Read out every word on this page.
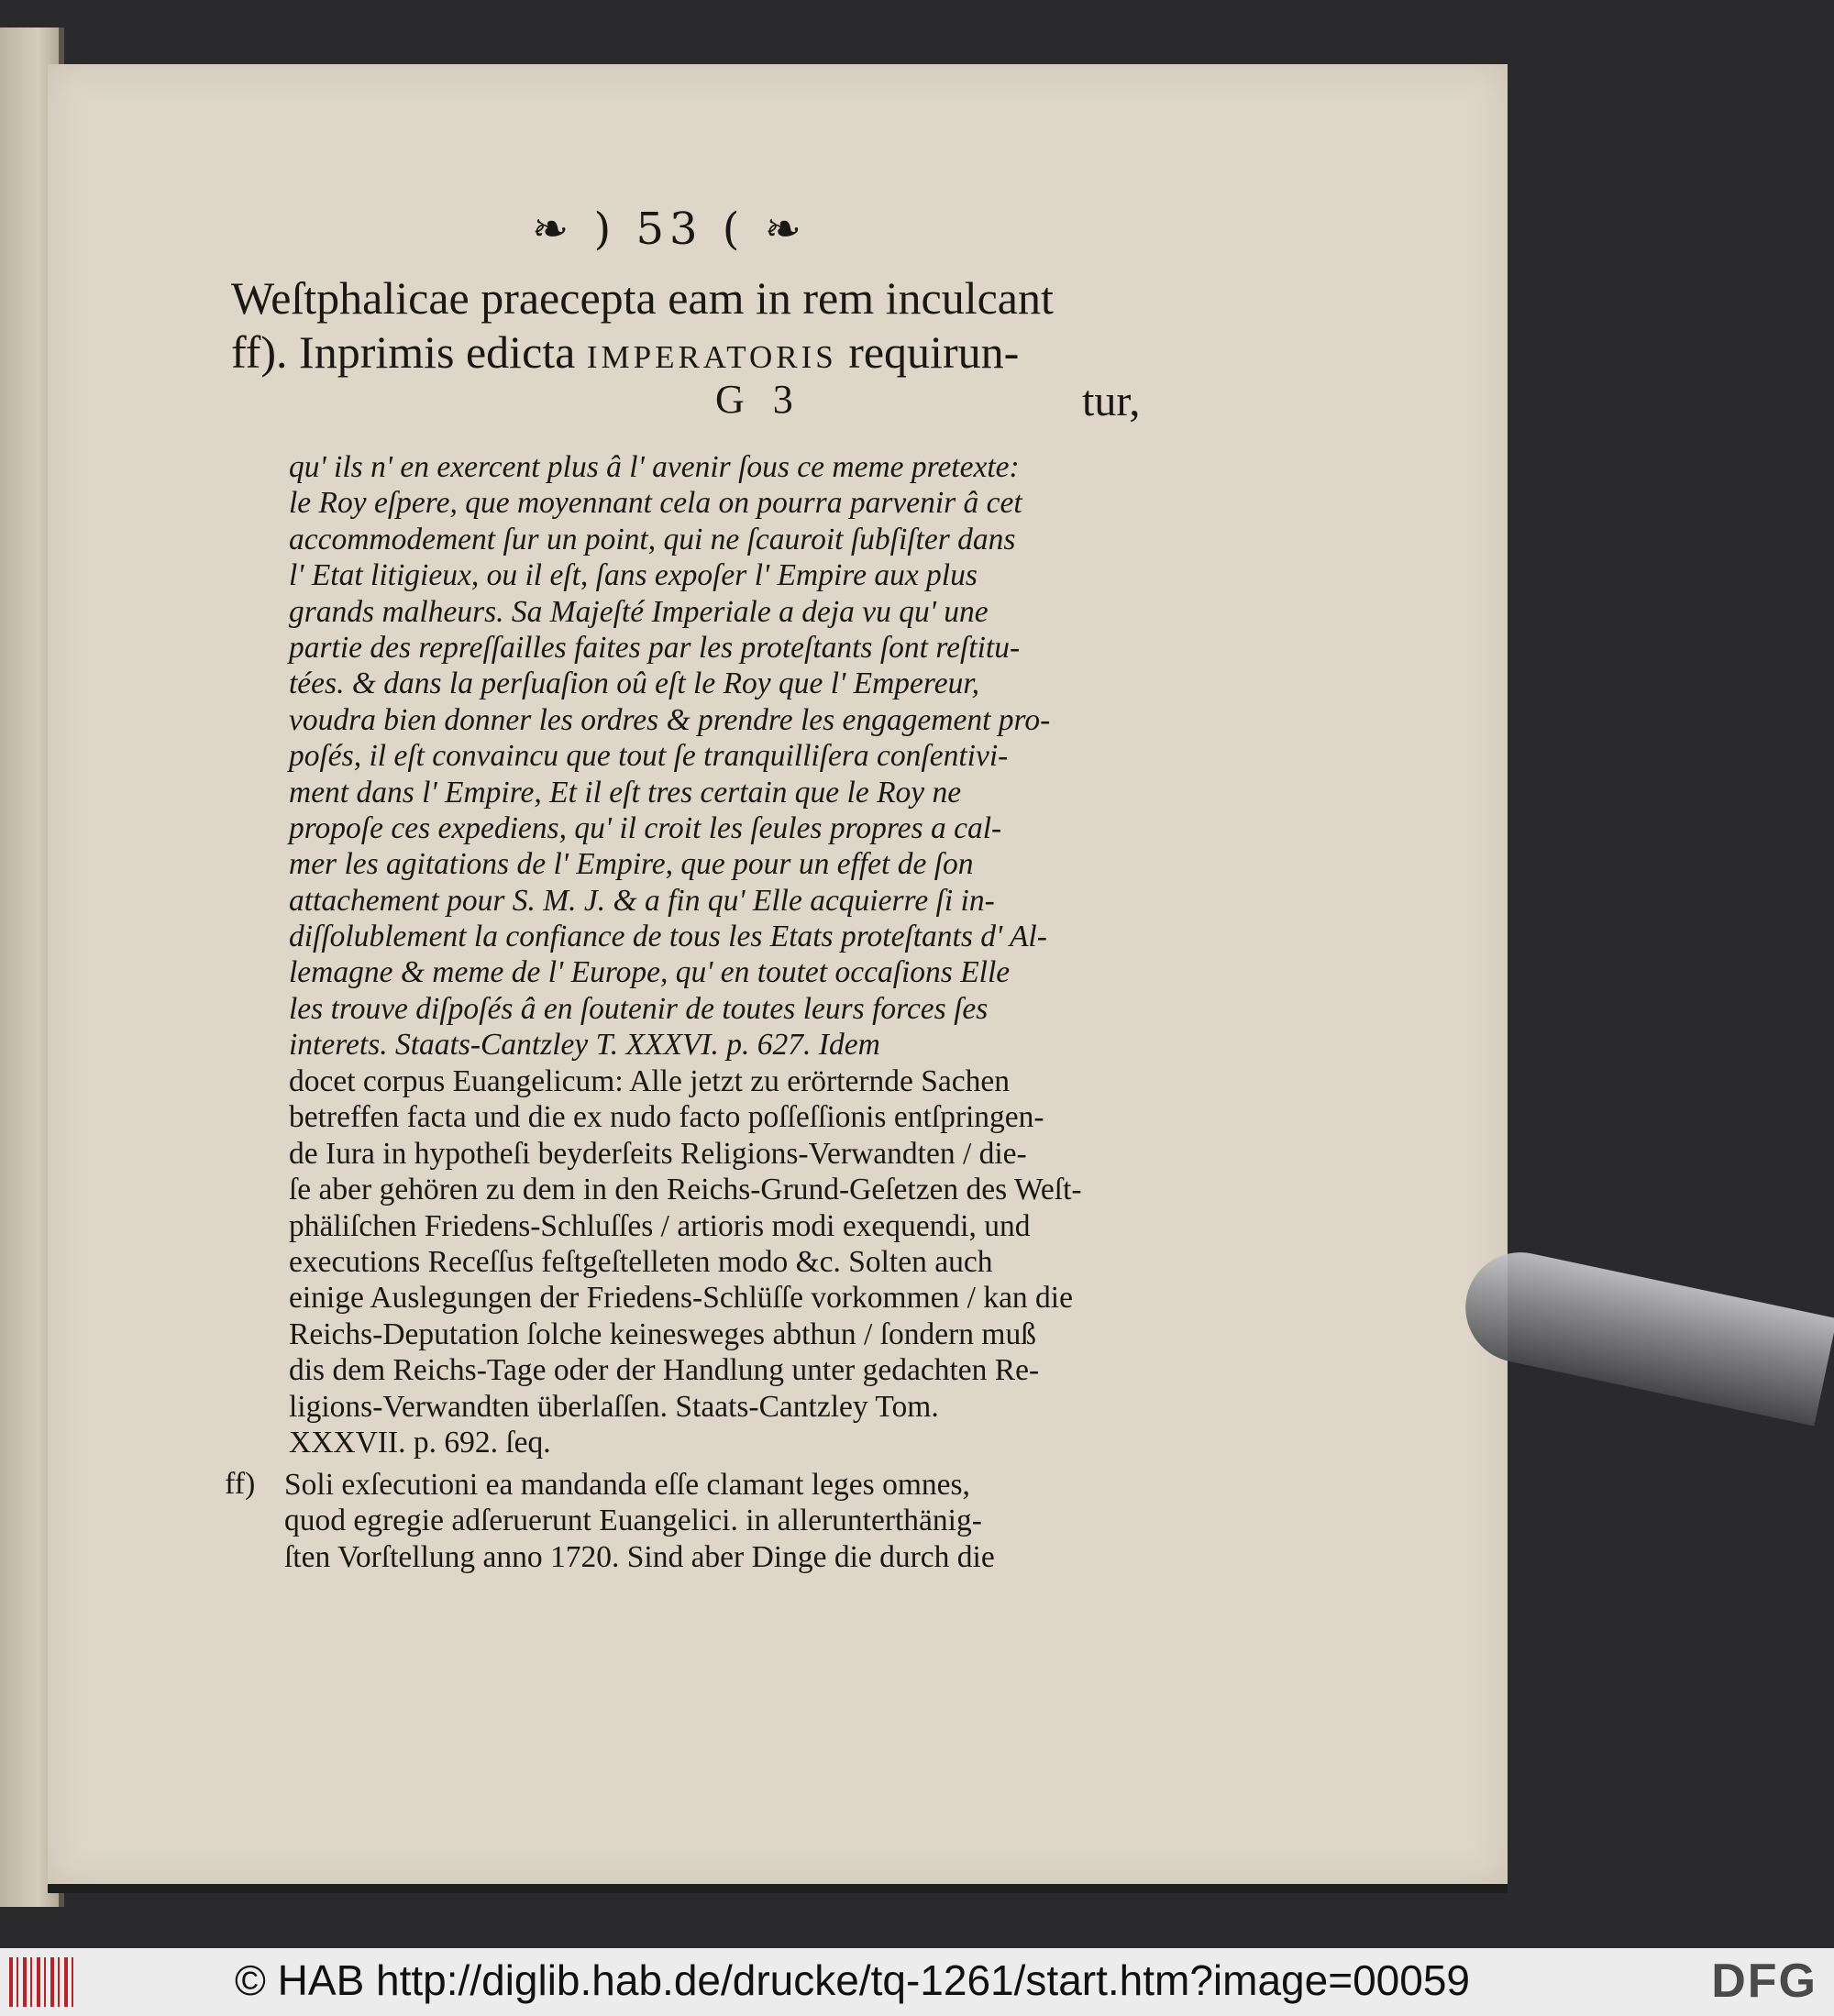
❧ ) 53 ( ❧
Weſtphalicae praecepta eam in rem inculcant
ff). Inprimis edicta imperatoris requirun-
G 3	tur,
qu' ils n' en exercent plus â l' avenir ſous ce meme pretexte:
le Roy eſpere, que moyennant cela on pourra parvenir â cet
accommodement ſur un point, qui ne ſcauroit ſubſiſter dans
l' Etat litigieux, ou il eſt, ſans expoſer l' Empire aux plus
grands malheurs. Sa Majeſté Imperiale a deja vu qu' une
partie des repreſſailles faites par les proteſtants ſont reſtitu-
tées. & dans la perſuaſion oû eſt le Roy que l' Empereur,
voudra bien donner les ordres & prendre les engagement pro-
poſés, il eſt convaincu que tout ſe tranquilliſera conſentivi-
ment dans l' Empire, Et il eſt tres certain que le Roy ne
propoſe ces expediens, qu' il croit les ſeules propres a cal-
mer les agitations de l' Empire, que pour un effet de ſon
attachement pour S. M. J. & a fin qu' Elle acquierre ſi in-
diſſolublement la confiance de tous les Etats proteſtants d' Al-
lemagne & meme de l' Europe, qu' en toutet occaſions Elle
les trouve diſpoſés â en ſoutenir de toutes leurs forces ſes
interets. Staats-Cantzley T. XXXVI. p. 627. Idem
docet corpus Euangelicum: Alle jetzt zu erörternde Sachen
betreffen facta und die ex nudo facto poſſeſſionis entſpringen-
de Iura in hypotheſi beyderſeits Religions-Verwandten / die-
ſe aber gehören zu dem in den Reichs-Grund-Geſetzen des Weſt-
phäliſchen Friedens-Schluſſes / artioris modi exequendi, und
executions Receſſus feſtgeſtelleten modo &c. Solten auch
einige Auslegungen der Friedens-Schlüſſe vorkommen / kan die
Reichs-Deputation ſolche keinesweges abthun / ſondern muß
dis dem Reichs-Tage oder der Handlung unter gedachten Re-
ligions-Verwandten überlaſſen. Staats-Cantzley Tom.
XXXVII. p. 692. ſeq.
ff) Soli exſecutioni ea mandanda eſſe clamant leges omnes,
quod egregie adſeruerunt Euangelici. in allerunterthänig-
ſten Vorſtellung anno 1720. Sind aber Dinge die durch die
© HAB http://diglib.hab.de/drucke/tq-1261/start.htm?image=00059	DFG
